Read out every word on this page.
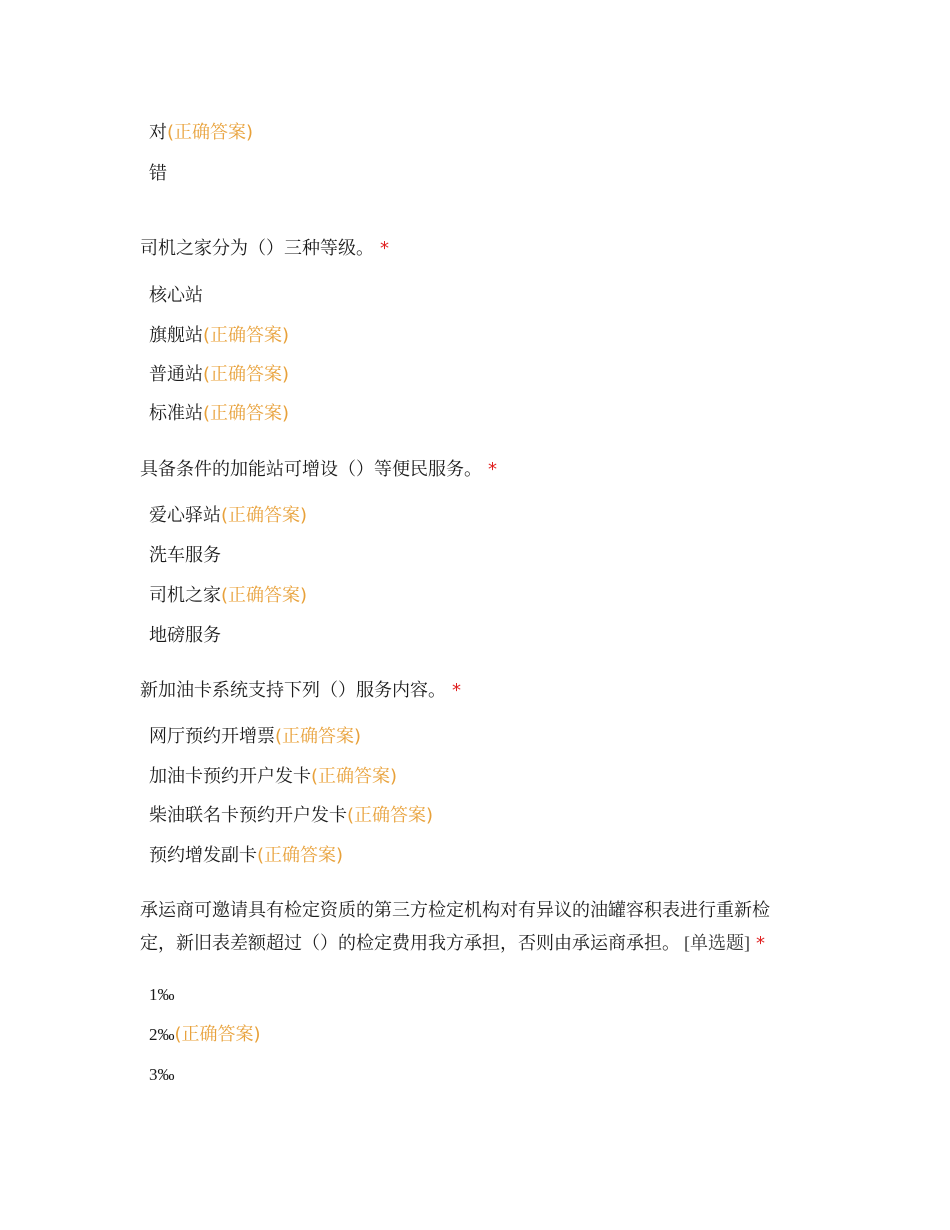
对(正确答案)
错
司机之家分为（）三种等级。 *
核心站
旗舰站(正确答案)
普通站(正确答案)
标准站(正确答案)
具备条件的加能站可增设（）等便民服务。 *
爱心驿站(正确答案)
洗车服务
司机之家(正确答案)
地磅服务
新加油卡系统支持下列（）服务内容。 *
网厅预约开增票(正确答案)
加油卡预约开户发卡(正确答案)
柴油联名卡预约开户发卡(正确答案)
预约增发副卡(正确答案)
承运商可邀请具有检定资质的第三方检定机构对有异议的油罐容积表进行重新检定，新旧表差额超过（）的检定费用我方承担，否则由承运商承担。 [单选题] *
1‰
2‰(正确答案)
3‰
